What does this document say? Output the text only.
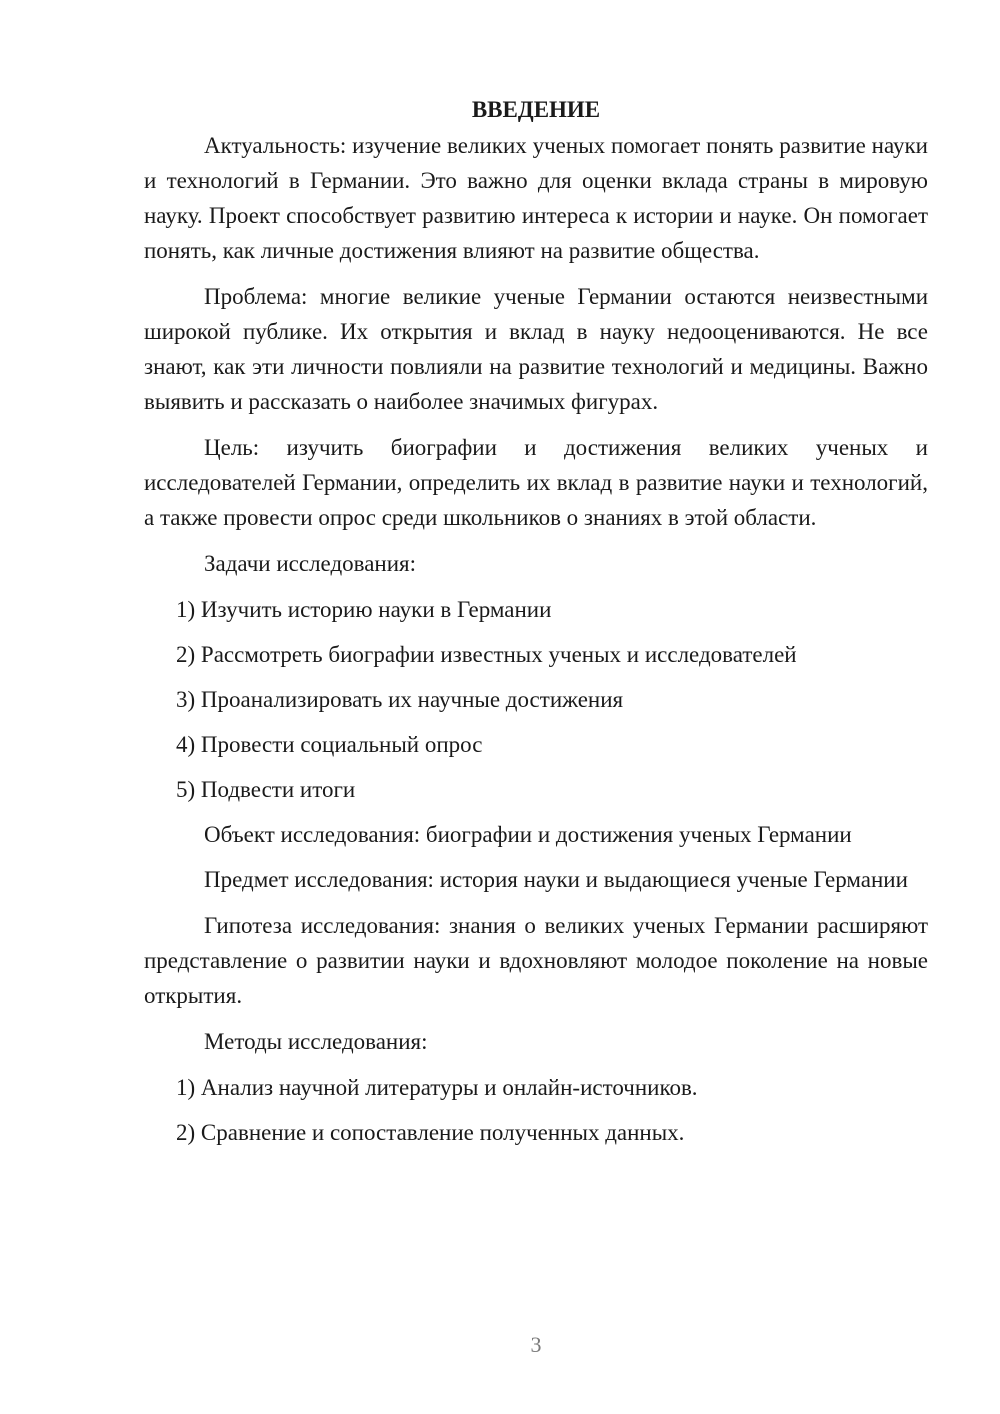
ВВЕДЕНИЕ

Актуальность: изучение великих ученых помогает понять развитие науки и технологий в Германии. Это важно для оценки вклада страны в мировую науку. Проект способствует развитию интереса к истории и науке. Он помогает понять, как личные достижения влияют на развитие общества.

Проблема: многие великие ученые Германии остаются неизвестными широкой публике. Их открытия и вклад в науку недооцениваются. Не все знают, как эти личности повлияли на развитие технологий и медицины. Важно выявить и рассказать о наиболее значимых фигурах.

Цель: изучить биографии и достижения великих ученых и исследователей Германии, определить их вклад в развитие науки и технологий, а также провести опрос среди школьников о знаниях в этой области.

Задачи исследования:

1) Изучить историю науки в Германии

2) Рассмотреть биографии известных ученых и исследователей

3) Проанализировать их научные достижения

4) Провести социальный опрос

5) Подвести итоги

Объект исследования: биографии и достижения ученых Германии

Предмет исследования: история науки и выдающиеся ученые Германии

Гипотеза исследования: знания о великих ученых Германии расширяют представление о развитии науки и вдохновляют молодое поколение на новые открытия.

Методы исследования:

1) Анализ научной литературы и онлайн-источников.

2) Сравнение и сопоставление полученных данных.

3
